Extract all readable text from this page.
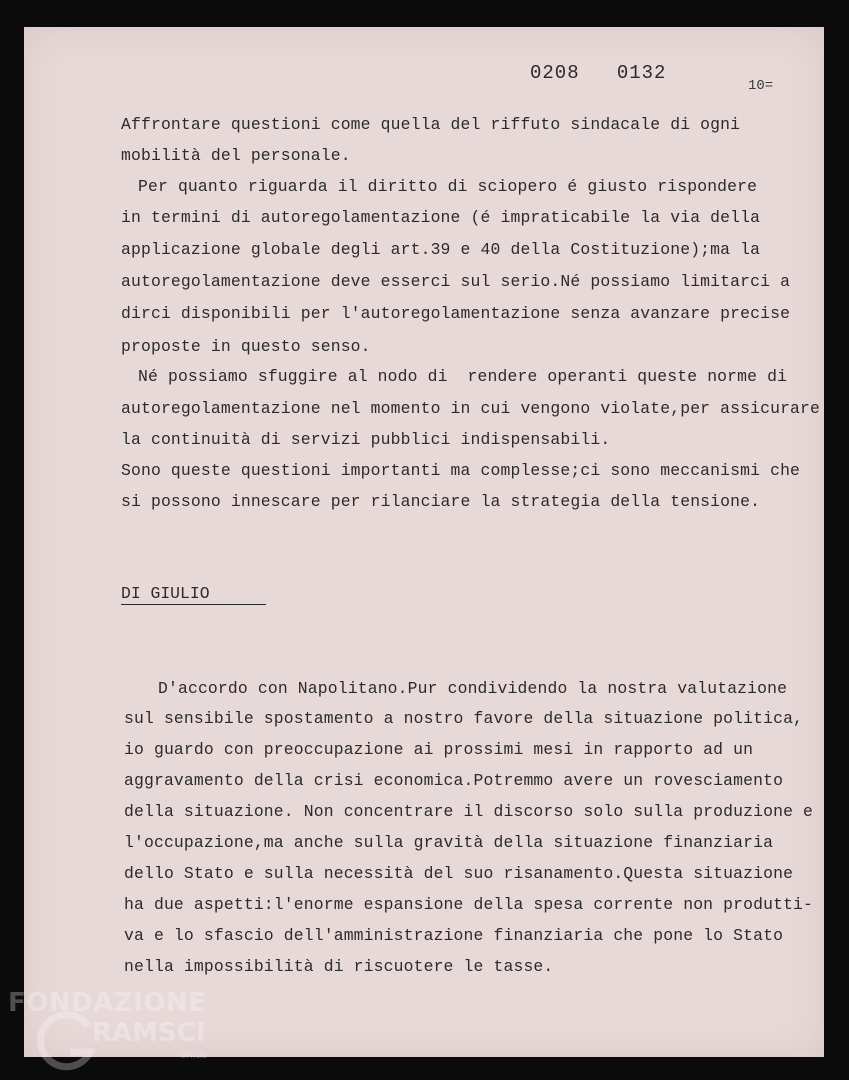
0208   0132
10=
Affrontare questioni come quella del riffuto sindacale di ogni
mobilità del personale.
Per quanto riguarda il diritto di sciopero é giusto rispondere
in termini di autoregolamentazione (é impraticabile la via della
applicazione globale degli art.39 e 40 della Costituzione);ma la
autoregolamentazione deve esserci sul serio.Né possiamo limitarci a
dirci disponibili per l'autoregolamentazione senza avanzare precise
proposte in questo senso.
Né possiamo sfuggire al nodo di  rendere operanti queste norme di
autoregolamentazione nel momento in cui vengono violate,per assicurare
la continuità di servizi pubblici indispensabili.
Sono queste questioni importanti ma complesse;ci sono meccanismi che
si possono innescare per rilanciare la strategia della tensione.
DI GIULIO
D'accordo con Napolitano.Pur condividendo la nostra valutazione
sul sensibile spostamento a nostro favore della situazione politica,
io guardo con preoccupazione ai prossimi mesi in rapporto ad un
aggravamento della crisi economica.Potremmo avere un rovesciamento
della situazione. Non concentrare il discorso solo sulla produzione e
l'occupazione,ma anche sulla gravità della situazione finanziaria
dello Stato e sulla necessità del suo risanamento.Questa situazione
ha due aspetti:l'enorme espansione della spesa corrente non produtti-
va e lo sfascio dell'amministrazione finanziaria che pone lo Stato
nella impossibilità di riscuotere le tasse.
FONDAZIONE
RAMSCI
onlus
